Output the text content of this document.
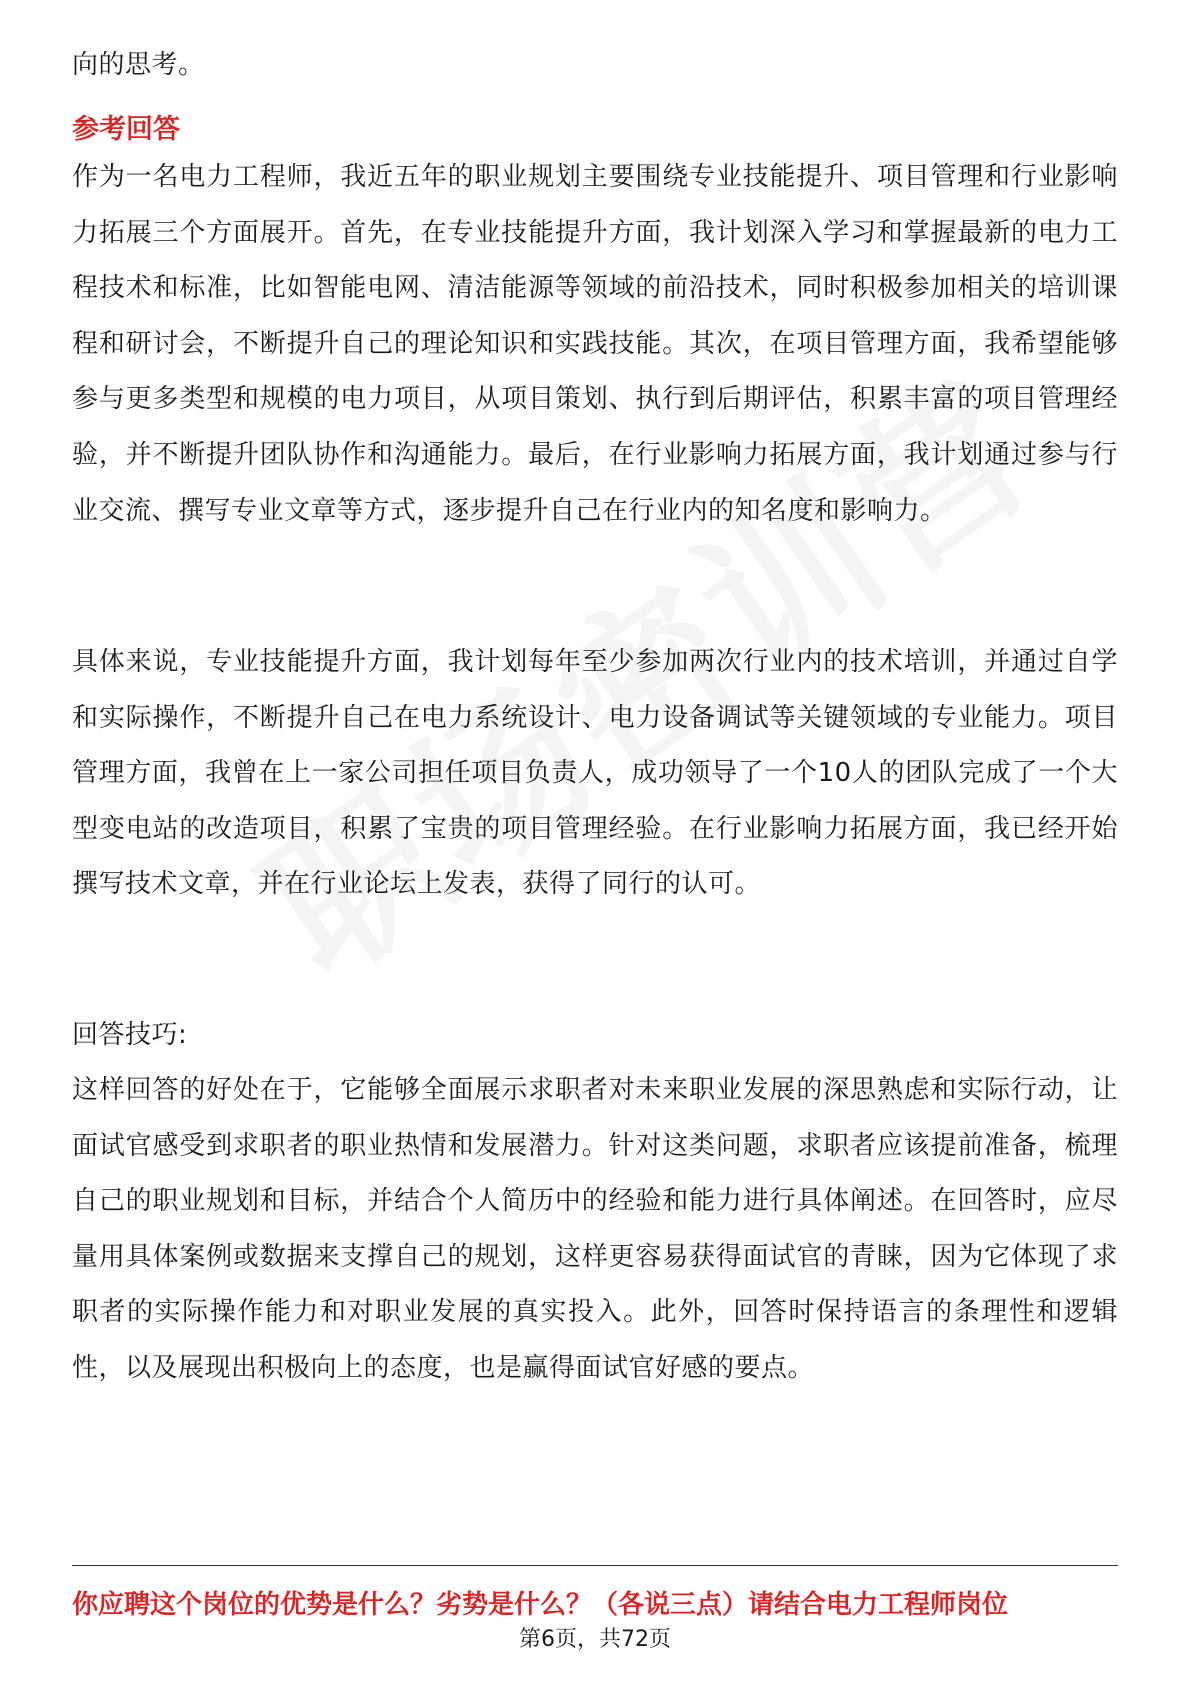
向的思考。

参考回答

作为一名电力工程师，我近五年的职业规划主要围绕专业技能提升、项目管理和行业影响力拓展三个方面展开。首先，在专业技能提升方面，我计划深入学习和掌握最新的电力工程技术和标准，比如智能电网、清洁能源等领域的前沿技术，同时积极参加相关的培训课程和研讨会，不断提升自己的理论知识和实践技能。其次，在项目管理方面，我希望能够参与更多类型和规模的电力项目，从项目策划、执行到后期评估，积累丰富的项目管理经验，并不断提升团队协作和沟通能力。最后，在行业影响力拓展方面，我计划通过参与行业交流、撰写专业文章等方式，逐步提升自己在行业内的知名度和影响力。

具体来说，专业技能提升方面，我计划每年至少参加两次行业内的技术培训，并通过自学和实际操作，不断提升自己在电力系统设计、电力设备调试等关键领域的专业能力。项目管理方面，我曾在上一家公司担任项目负责人，成功领导了一个10人的团队完成了一个大型变电站的改造项目，积累了宝贵的项目管理经验。在行业影响力拓展方面，我已经开始撰写技术文章，并在行业论坛上发表，获得了同行的认可。

回答技巧:

这样回答的好处在于，它能够全面展示求职者对未来职业发展的深思熟虑和实际行动，让面试官感受到求职者的职业热情和发展潜力。针对这类问题，求职者应该提前准备，梳理自己的职业规划和目标，并结合个人简历中的经验和能力进行具体阐述。在回答时，应尽量用具体案例或数据来支撑自己的规划，这样更容易获得面试官的青睐，因为它体现了求职者的实际操作能力和对职业发展的真实投入。此外，回答时保持语言的条理性和逻辑性，以及展现出积极向上的态度，也是赢得面试官好感的要点。

你应聘这个岗位的优势是什么？劣势是什么？（各说三点）请结合电力工程师岗位
第6页，共72页
